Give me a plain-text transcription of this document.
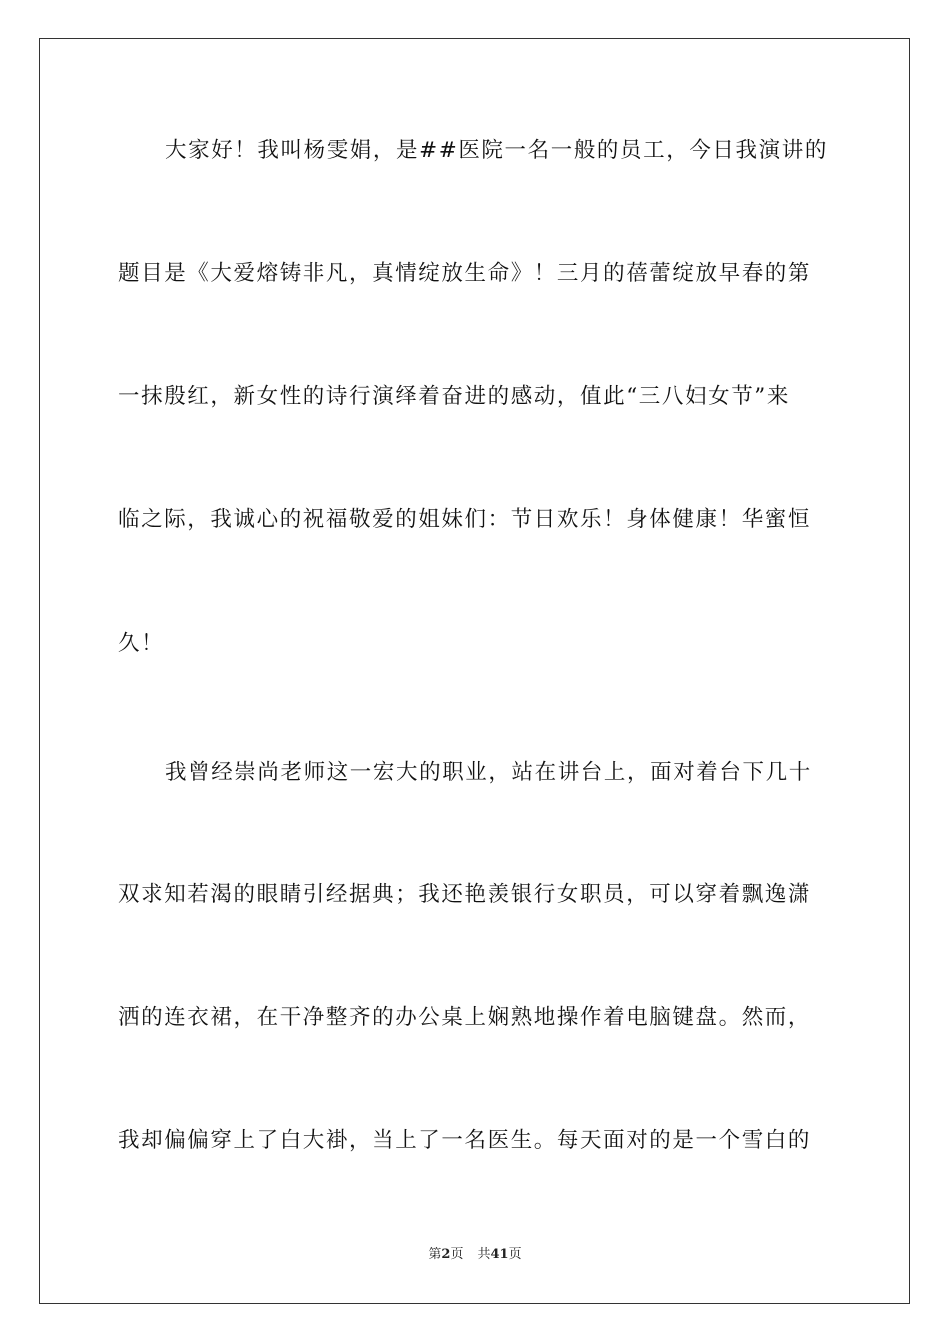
大家好！我叫杨雯娟，是##医院一名一般的员工，今日我演讲的
题目是《大爱熔铸非凡，真情绽放生命》！三月的蓓蕾绽放早春的第
一抹殷红，新女性的诗行演绎着奋进的感动，值此“三八妇女节”来
临之际，我诚心的祝福敬爱的姐妹们：节日欢乐！身体健康！华蜜恒
久！
我曾经崇尚老师这一宏大的职业，站在讲台上，面对着台下几十
双求知若渴的眼睛引经据典；我还艳羡银行女职员，可以穿着飘逸潇
洒的连衣裙，在干净整齐的办公桌上娴熟地操作着电脑键盘。然而，
我却偏偏穿上了白大褂，当上了一名医生。每天面对的是一个雪白的
第2页 共41页
